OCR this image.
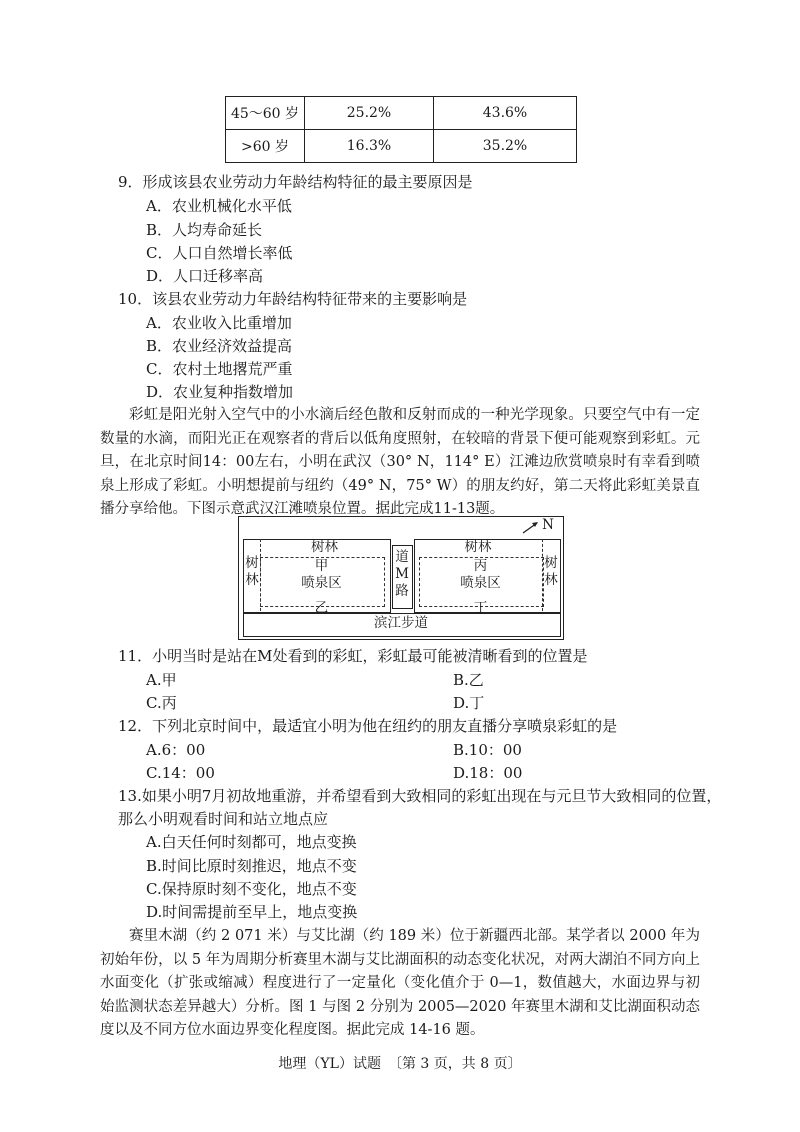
45～60 岁	25.2%	43.6%
>60 岁	16.3%	35.2%
9．形成该县农业劳动力年龄结构特征的最主要原因是
A．农业机械化水平低
B．人均寿命延长
C．人口自然增长率低
D．人口迁移率高
10．该县农业劳动力年龄结构特征带来的主要影响是
A．农业收入比重增加
B．农业经济效益提高
C．农村土地撂荒严重
D．农业复种指数增加
彩虹是阳光射入空气中的小水滴后经色散和反射而成的一种光学现象。只要空气中有一定数量的水滴，而阳光正在观察者的背后以低角度照射，在较暗的背景下便可能观察到彩虹。元旦，在北京时间14：00左右，小明在武汉（30° N，114° E）江滩边欣赏喷泉时有幸看到喷泉上形成了彩虹。小明想提前与纽约（49° N，75° W）的朋友约好，第二天将此彩虹美景直播分享给他。下图示意武汉江滩喷泉位置。据此完成11-13题。
N
树林
树林
甲
喷泉区
乙
道M路
树林
树林
丙
喷泉区
丁
滨江步道
11．小明当时是站在M处看到的彩虹，彩虹最可能被清晰看到的位置是
A.甲	B.乙
C.丙	D.丁
12．下列北京时间中，最适宜小明为他在纽约的朋友直播分享喷泉彩虹的是
A.6：00	B.10：00
C.14：00	D.18：00
13.如果小明7月初故地重游，并希望看到大致相同的彩虹出现在与元旦节大致相同的位置，
那么小明观看时间和站立地点应
A.白天任何时刻都可，地点变换
B.时间比原时刻推迟，地点不变
C.保持原时刻不变化，地点不变
D.时间需提前至早上，地点变换
赛里木湖（约 2 071 米）与艾比湖（约 189 米）位于新疆西北部。某学者以 2000 年为初始年份，以 5 年为周期分析赛里木湖与艾比湖面积的动态变化状况，对两大湖泊不同方向上水面变化（扩张或缩减）程度进行了一定量化（变化值介于 0—1，数值越大，水面边界与初始监测状态差异越大）分析。图 1 与图 2 分别为 2005—2020 年赛里木湖和艾比湖面积动态度以及不同方位水面边界变化程度图。据此完成 14-16 题。
地理（YL）试题　〔第 3 页，共 8 页〕
